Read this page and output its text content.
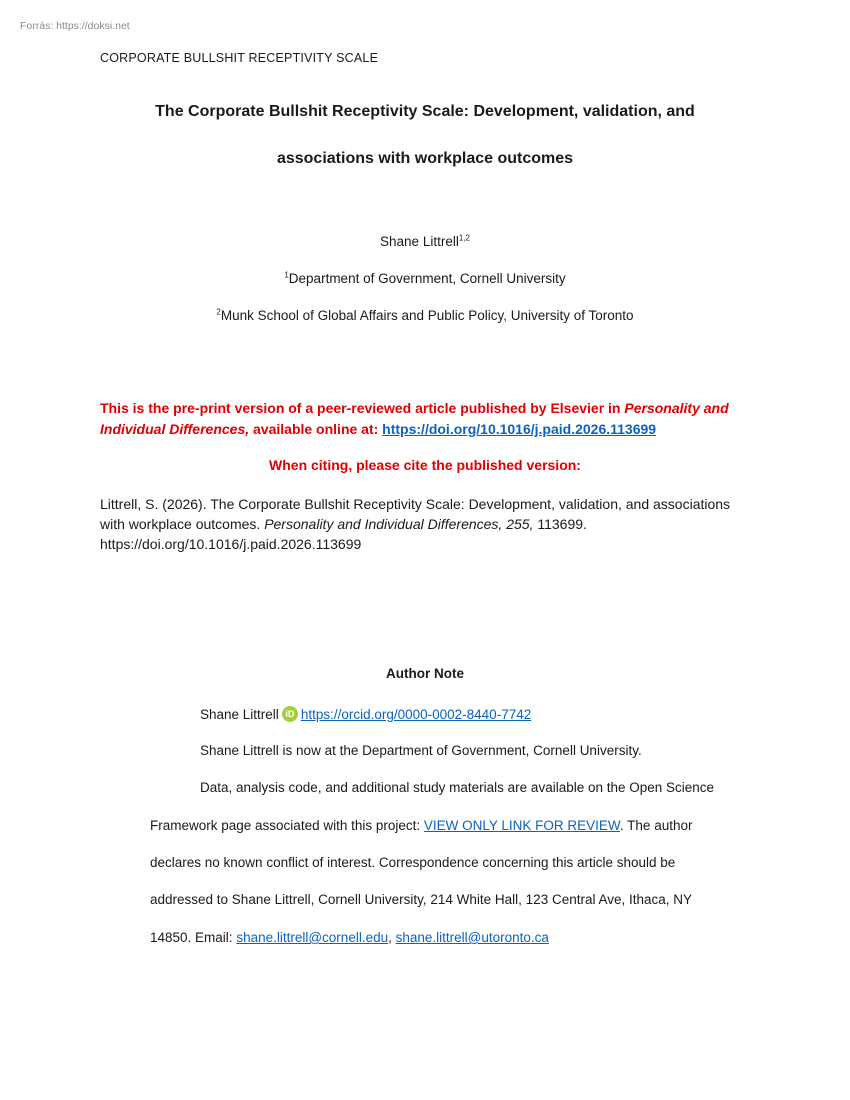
Forrás: https://doksi.net
CORPORATE BULLSHIT RECEPTIVITY SCALE
The Corporate Bullshit Receptivity Scale: Development, validation, and
associations with workplace outcomes
Shane Littrell$^{1,2}$
$^1$Department of Government, Cornell University
$^2$Munk School of Global Affairs and Public Policy, University of Toronto
This is the pre-print version of a peer-reviewed article published by Elsevier in Personality and Individual Differences, available online at: https://doi.org/10.1016/j.paid.2026.113699
When citing, please cite the published version:
Littrell, S. (2026). The Corporate Bullshit Receptivity Scale: Development, validation, and associations with workplace outcomes. Personality and Individual Differences, 255, 113699. https://doi.org/10.1016/j.paid.2026.113699
Author Note
Shane Littrell iD https://orcid.org/0000-0002-8440-7742
Shane Littrell is now at the Department of Government, Cornell University.
Data, analysis code, and additional study materials are available on the Open Science
Framework page associated with this project: VIEW ONLY LINK FOR REVIEW. The author
declares no known conflict of interest. Correspondence concerning this article should be
addressed to Shane Littrell, Cornell University, 214 White Hall, 123 Central Ave, Ithaca, NY
14850. Email: shane.littrell@cornell.edu, shane.littrell@utoronto.ca
